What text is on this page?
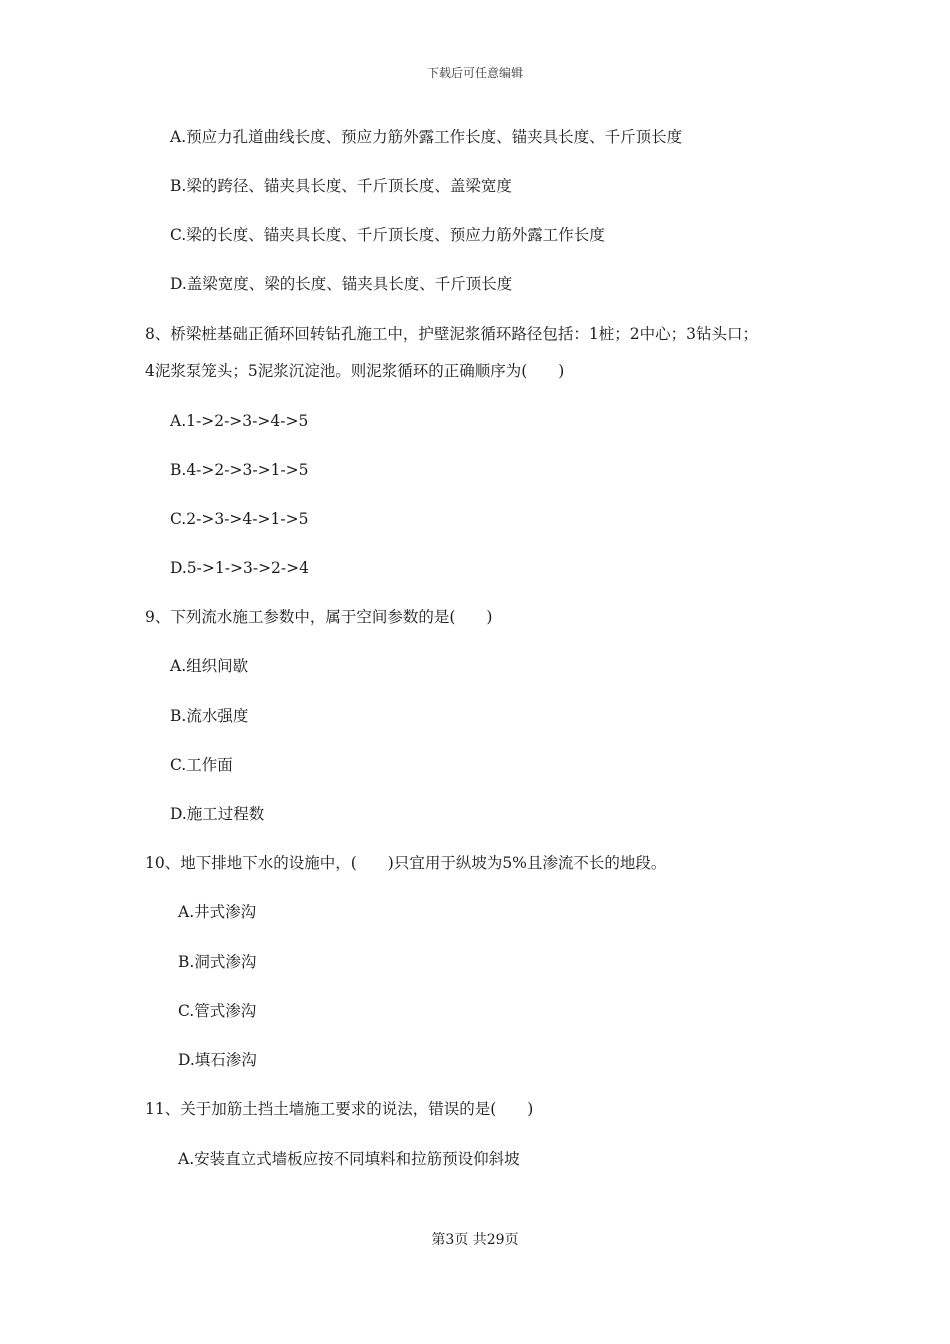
下载后可任意编辑
A.预应力孔道曲线长度、预应力筋外露工作长度、锚夹具长度、千斤顶长度
B.梁的跨径、锚夹具长度、千斤顶长度、盖梁宽度
C.梁的长度、锚夹具长度、千斤顶长度、预应力筋外露工作长度
D.盖梁宽度、梁的长度、锚夹具长度、千斤顶长度
8、桥梁桩基础正循环回转钻孔施工中，护壁泥浆循环路径包括：1桩；2中心；3钻头口；
4泥浆泵笼头；5泥浆沉淀池。则泥浆循环的正确顺序为(　　)
A.1->2->3->4->5
B.4->2->3->1->5
C.2->3->4->1->5
D.5->1->3->2->4
9、下列流水施工参数中，属于空间参数的是(　　)
A.组织间歇
B.流水强度
C.工作面
D.施工过程数
10、地下排地下水的设施中，(　　)只宜用于纵坡为5%且渗流不长的地段。
A.井式渗沟
B.洞式渗沟
C.管式渗沟
D.填石渗沟
11、关于加筋土挡土墙施工要求的说法，错误的是(　　)
A.安装直立式墙板应按不同填料和拉筋预设仰斜坡
第3页 共29页
